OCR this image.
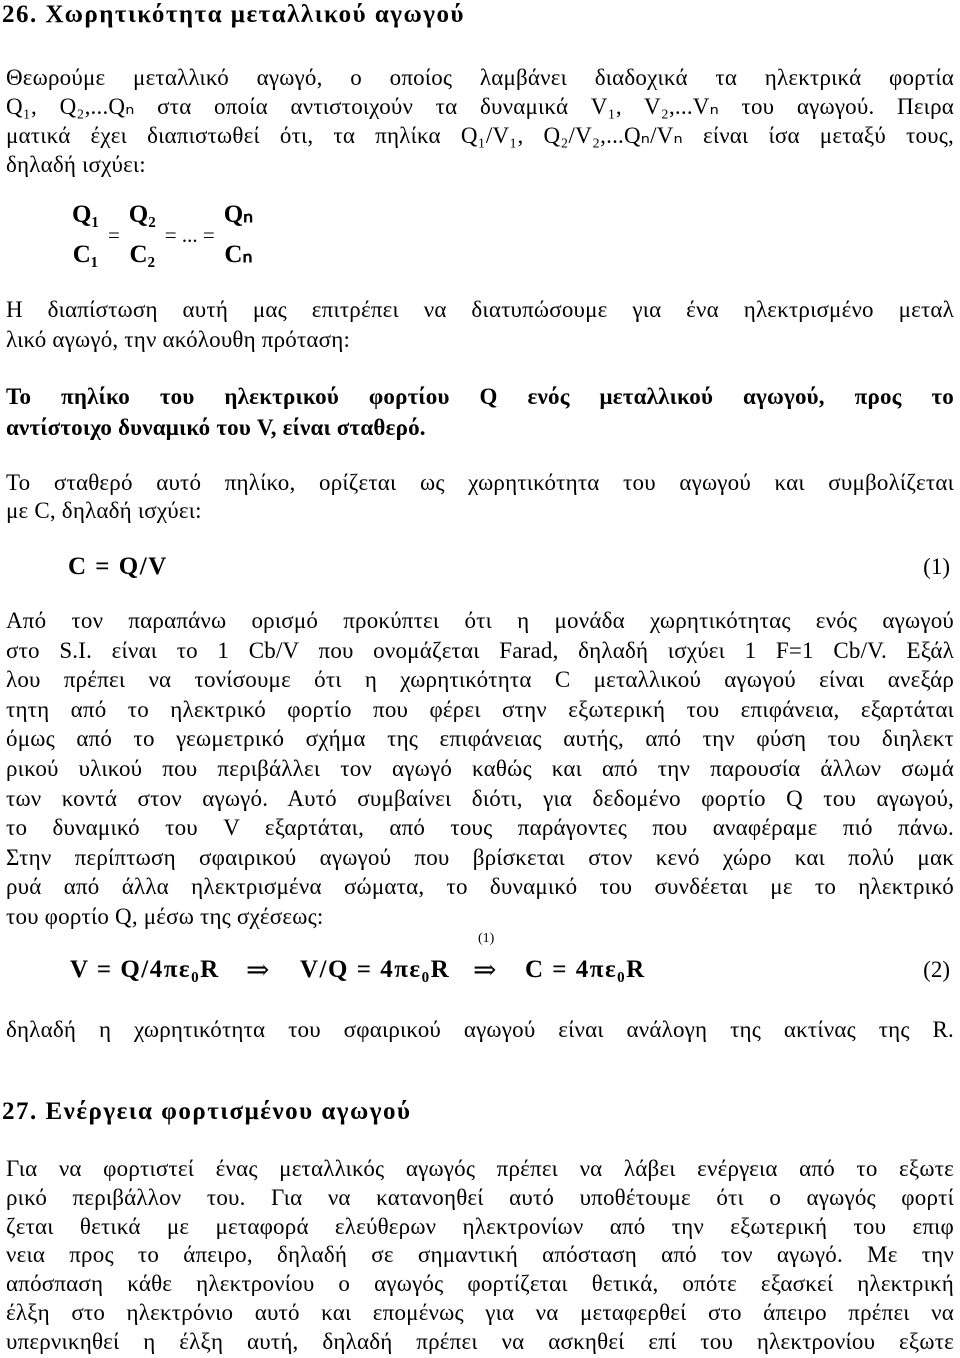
26. Χωρητικότητα μεταλλικού αγωγού
Θεωρούμε μεταλλικό αγωγό, ο οποίος λαμβάνει διαδοχικά τα ηλεκτρικά φορτία
Q₁, Q₂,...Qₙ στα οποία αντιστοιχούν τα δυναμικά V₁, V₂,...Vₙ του αγωγού. Πειρα
ματικά έχει διαπιστωθεί ότι, τα πηλίκα Q₁/V₁, Q₂/V₂,...Qₙ/Vₙ είναι ίσα μεταξύ τους,
δηλαδή ισχύει:
Q₁
C₁
=
Q₂
C₂
= ... =
Qₙ
Cₙ
Η διαπίστωση αυτή μας επιτρέπει να διατυπώσουμε για ένα ηλεκτρισμένο μεταλ
λικό αγωγό, την ακόλουθη πρόταση:
Το πηλίκο του ηλεκτρικού φορτίου Q ενός μεταλλικού αγωγού, προς το
αντίστοιχο δυναμικό του V, είναι σταθερό.
Το σταθερό αυτό πηλίκο, ορίζεται ως χωρητικότητα του αγωγού και συμβολίζεται
με C, δηλαδή ισχύει:
C = Q/V	(1)
Από τον παραπάνω ορισμό προκύπτει ότι η μονάδα χωρητικότητας ενός αγωγού
στο S.I. είναι το 1 Cb/V που ονομάζεται Farad, δηλαδή ισχύει 1 F=1 Cb/V. Εξάλ
λου πρέπει να τονίσουμε ότι η χωρητικότητα C μεταλλικού αγωγού είναι ανεξάρ
τητη από το ηλεκτρικό φορτίο που φέρει στην εξωτερική του επιφάνεια, εξαρτάται
όμως από το γεωμετρικό σχήμα της επιφάνειας αυτής, από την φύση του διηλεκτ
ρικού υλικού που περιβάλλει τον αγωγό καθώς και από την παρουσία άλλων σωμά
των κοντά στον αγωγό. Αυτό συμβαίνει διότι, για δεδομένο φορτίο Q του αγωγού,
το δυναμικό του V εξαρτάται, από τους παράγοντες που αναφέραμε πιό πάνω.
Στην περίπτωση σφαιρικού αγωγού που βρίσκεται στον κενό χώρο και πολύ μακ
ρυά από άλλα ηλεκτρισμένα σώματα, το δυναμικό του συνδέεται με το ηλεκτρικό
του φορτίο Q, μέσω της σχέσεως:
V = Q/4πε₀R ⇒ V/Q = 4πε₀R
(1)
⇒ C = 4πε₀R	(2)
δηλαδή η χωρητικότητα του σφαιρικού αγωγού είναι ανάλογη της ακτίνας της R.
27. Ενέργεια φορτισμένου αγωγού
Για να φορτιστεί ένας μεταλλικός αγωγός πρέπει να λάβει ενέργεια από το εξωτε
ρικό περιβάλλον του. Για να κατανοηθεί αυτό υποθέτουμε ότι ο αγωγός φορτί
ζεται θετικά με μεταφορά ελεύθερων ηλεκτρονίων από την εξωτερική του επιφ
νεια προς το άπειρο, δηλαδή σε σημαντική απόσταση από τον αγωγό. Με την
απόσπαση κάθε ηλεκτρονίου ο αγωγός φορτίζεται θετικά, οπότε εξασκεί ηλεκτρική
έλξη στο ηλεκτρόνιο αυτό και επομένως για να μεταφερθεί στο άπειρο πρέπει να
υπερνικηθεί η έλξη αυτή, δηλαδή πρέπει να ασκηθεί επί του ηλεκτρονίου εξωτε
